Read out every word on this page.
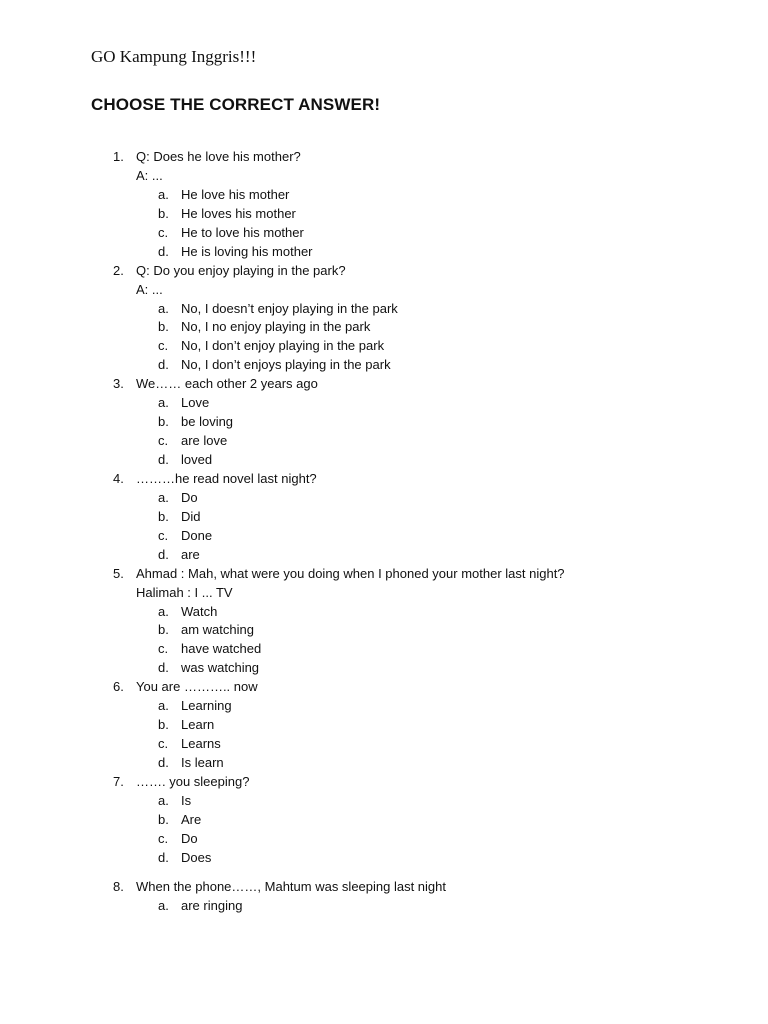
GO Kampung Inggris!!!
CHOOSE THE CORRECT ANSWER!
1. Q: Does he love his mother?
A: ...
a. He love his mother
b. He loves his mother
c. He to love his mother
d. He is loving his mother
2. Q: Do you enjoy playing in the park?
A: ...
a. No, I doesn’t enjoy playing in the park
b. No, I no enjoy playing in the park
c. No, I don’t enjoy playing in the park
d. No, I don’t enjoys playing in the park
3. We…… each other 2 years ago
a. Love
b. be loving
c. are love
d. loved
4. ………he read novel last night?
a. Do
b. Did
c. Done
d. are
5. Ahmad : Mah, what were you doing when I phoned your mother last night?
Halimah : I ... TV
a. Watch
b. am watching
c. have watched
d. was watching
6. You are ……….. now
a. Learning
b. Learn
c. Learns
d. Is learn
7. ……. you sleeping?
a. Is
b. Are
c. Do
d. Does
8. When the phone……, Mahtum was sleeping last night
a. are ringing
